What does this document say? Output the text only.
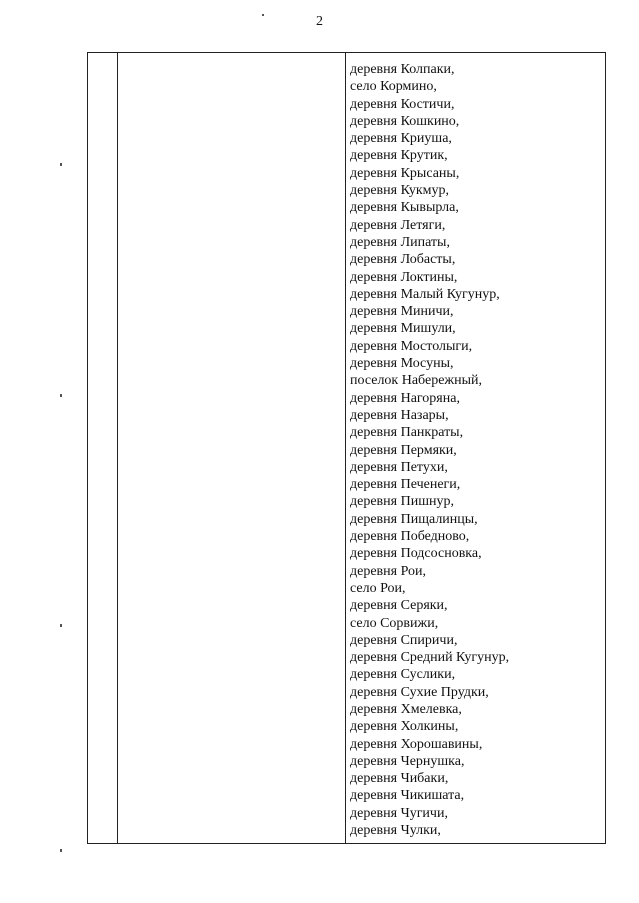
2
деревня Колпаки,
село Кормино,
деревня Костичи,
деревня Кошкино,
деревня Криуша,
деревня Крутик,
деревня Крысаны,
деревня Кукмур,
деревня Кывырла,
деревня Летяги,
деревня Липаты,
деревня Лобасты,
деревня Локтины,
деревня Малый Кугунур,
деревня Миничи,
деревня Мишули,
деревня Мостолыги,
деревня Мосуны,
поселок Набережный,
деревня Нагоряна,
деревня Назары,
деревня Панкраты,
деревня Пермяки,
деревня Петухи,
деревня Печенеги,
деревня Пишнур,
деревня Пищалинцы,
деревня Победново,
деревня Подсосновка,
деревня Рои,
село Рои,
деревня Серяки,
село Сорвижи,
деревня Спиричи,
деревня Средний Кугунур,
деревня Суслики,
деревня Сухие Прудки,
деревня Хмелевка,
деревня Холкины,
деревня Хорошавины,
деревня Чернушка,
деревня Чибаки,
деревня Чикишата,
деревня Чугичи,
деревня Чулки,
